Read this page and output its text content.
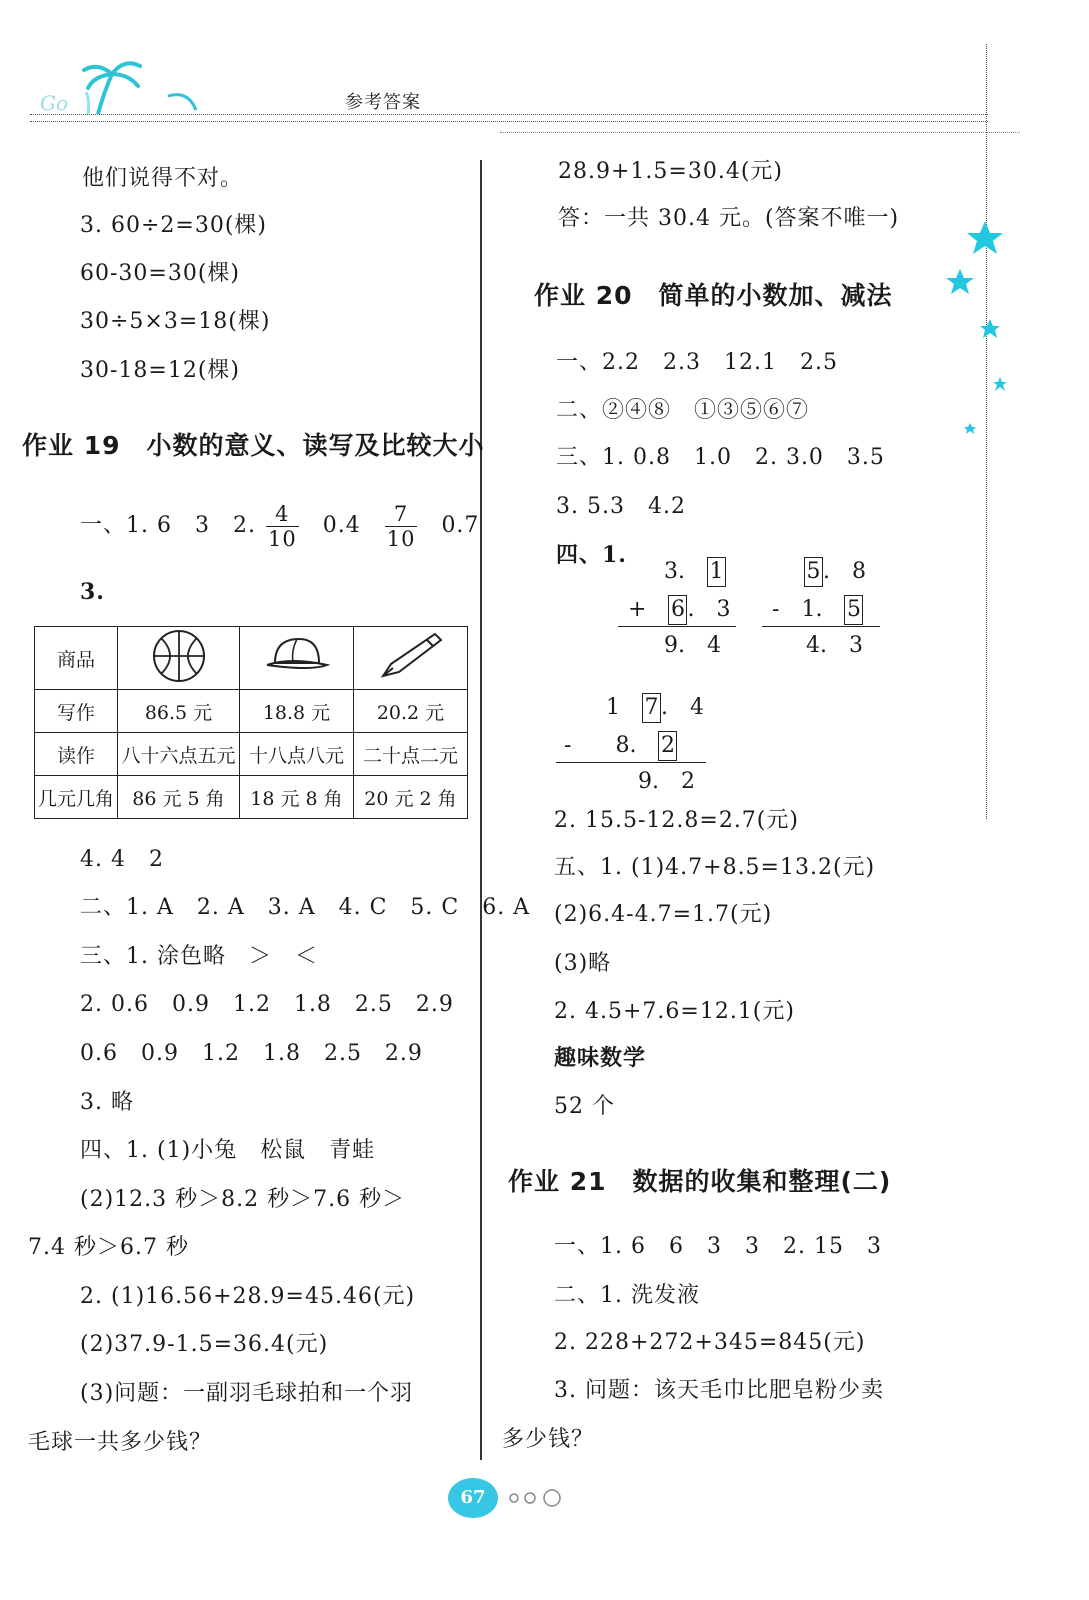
Go	参考答案
他们说得不对。
3. 60÷2=30(棵)
60-30=30(棵)
30÷5×3=18(棵)
30-18=12(棵)
作业 19　小数的意义、读写及比较大小
一、1. 6　3　2. $\frac{4}{10} 0.4 \frac{7}{10} 0.7$
3.
商品			
写作	86.5 元	18.8 元	20.2 元
读作	八十六点五元	十八点八元	二十点二元
几元几角	86 元 5 角	18 元 8 角	20 元 2 角
4. 4　2
二、1. A　2. A　3. A　4. C　5. C　6. A
三、1. 涂色略　＞　＜
2. 0.6　0.9　1.2　1.8　2.5　2.9
0.6　0.9　1.2　1.8　2.5　2.9
3. 略
四、1. (1)小兔　松鼠　青蛙
(2)12.3 秒＞8.2 秒＞7.6 秒＞
7.4 秒＞6.7 秒
2. (1)16.56+28.9=45.46(元)
(2)37.9-1.5=36.4(元)
(3)问题：一副羽毛球拍和一个羽
毛球一共多少钱？
28.9+1.5=30.4(元)
答：一共 30.4 元。(答案不唯一)
作业 20　简单的小数加、减法
一、2.2　2.3　12.1　2.5
二、②④⑧　①③⑤⑥⑦
三、1. 0.8　1.0　2. 3.0　3.5
3. 5.3　4.2
四、1.
3.　1
+　 6 .　3
9.　4
5 .　8
-　 1.　5
4.　3
1　 7 .　4
-　　 8.　2
9.　2
2. 15.5-12.8=2.7(元)
五、1. (1)4.7+8.5=13.2(元)
(2)6.4-4.7=1.7(元)
(3)略
2. 4.5+7.6=12.1(元)
趣味数学
52 个
作业 21　数据的收集和整理(二)
一、1. 6　6　3　3　2. 15　3
二、1. 洗发液
2. 228+272+345=845(元)
3. 问题：该天毛巾比肥皂粉少卖
多少钱？
67
